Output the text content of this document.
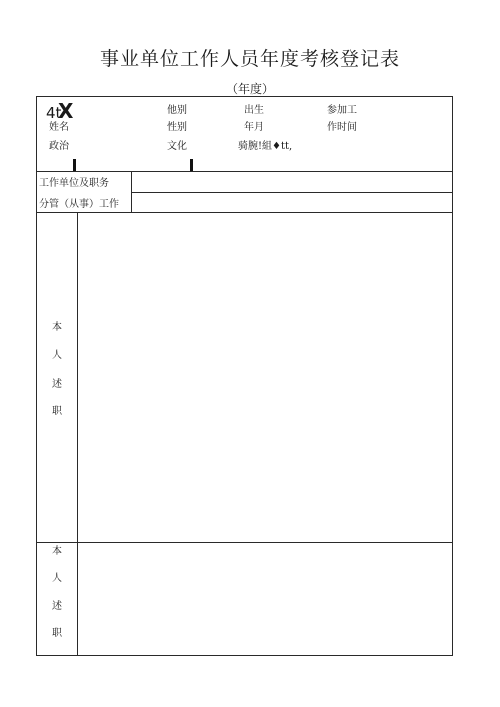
事业单位工作人员年度考核登记表
（年度）
4t
X
姓名
他别
性别
出生
年月
参加工
作时间
政治	文化	骑腕!組♦tt,
工作单位及职务
分管（从事）工作
本
人
述
职
本
人
述
职
